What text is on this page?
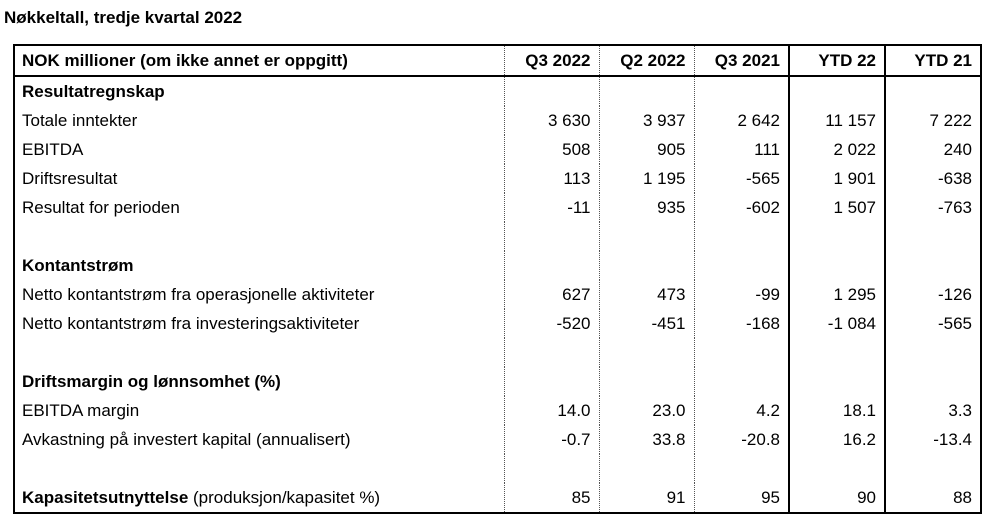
Nøkkeltall, tredje kvartal 2022
NOK millioner (om ikke annet er oppgitt)	Q3 2022	Q2 2022	Q3 2021	YTD 22	YTD 21
Resultatregnskap					
Totale inntekter	3 630	3 937	2 642	11 157	7 222
EBITDA	508	905	111	2 022	240
Driftsresultat	113	1 195	-565	1 901	-638
Resultat for perioden	-11	935	-602	1 507	-763

Kontantstrøm					
Netto kontantstrøm fra operasjonelle aktiviteter	627	473	-99	1 295	-126
Netto kontantstrøm fra investeringsaktiviteter	-520	-451	-168	-1 084	-565

Driftsmargin og lønnsomhet (%)					
EBITDA margin	14.0	23.0	4.2	18.1	3.3
Avkastning på investert kapital (annualisert)	-0.7	33.8	-20.8	16.2	-13.4

Kapasitetsutnyttelse (produksjon/kapasitet %)	85	91	95	90	88
